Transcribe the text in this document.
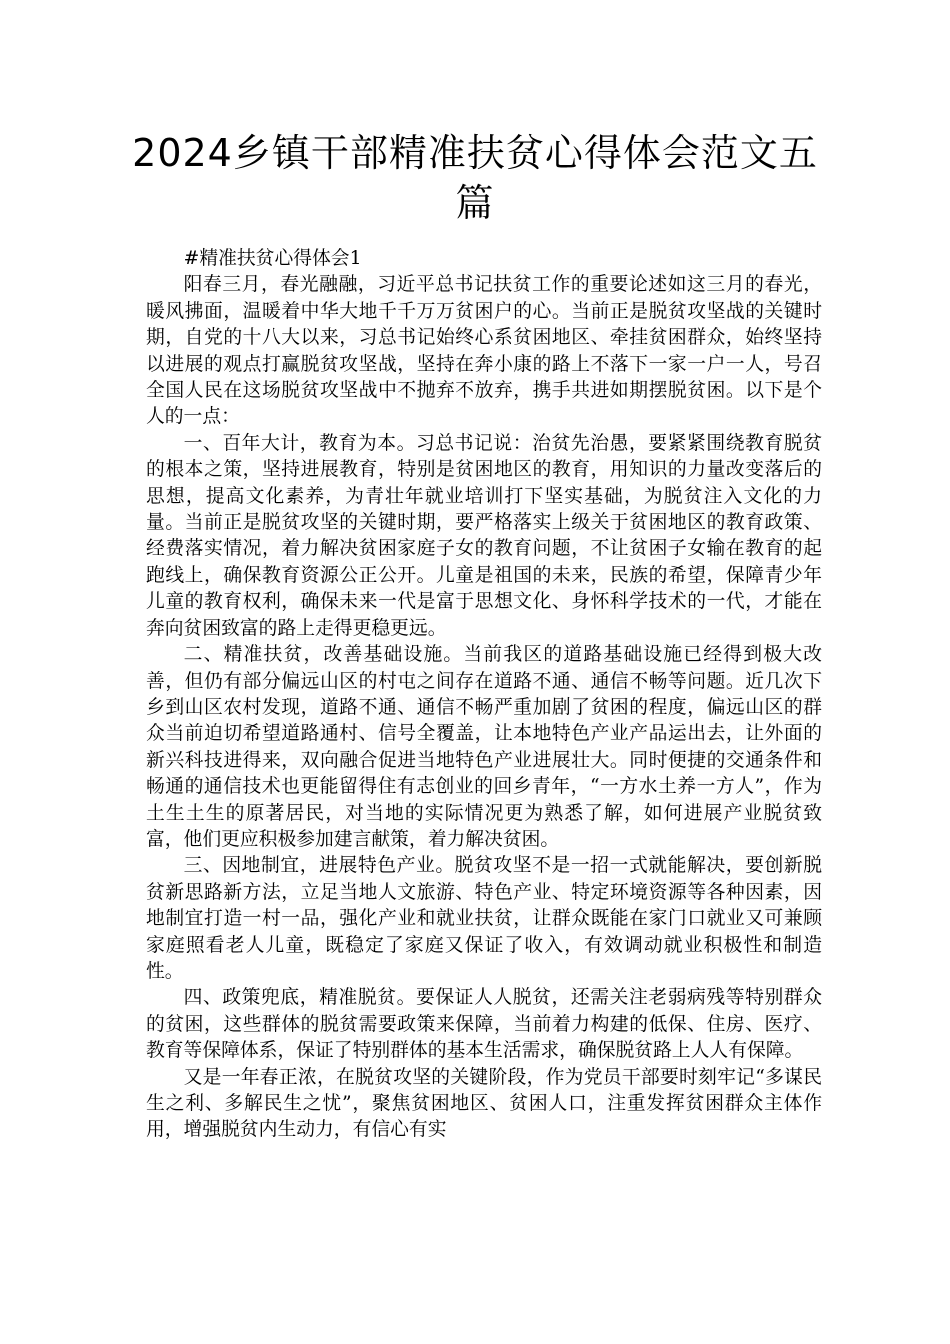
2024乡镇干部精准扶贫心得体会范文五篇

#精准扶贫心得体会1

阳春三月，春光融融，习近平总书记扶贫工作的重要论述如这三月的春光，暖风拂面，温暖着中华大地千千万万贫困户的心。当前正是脱贫攻坚战的关键时期，自党的十八大以来，习总书记始终心系贫困地区、牵挂贫困群众，始终坚持以进展的观点打赢脱贫攻坚战，坚持在奔小康的路上不落下一家一户一人，号召全国人民在这场脱贫攻坚战中不抛弃不放弃，携手共进如期摆脱贫困。以下是个人的一点：

一、百年大计，教育为本。习总书记说：治贫先治愚，要紧紧围绕教育脱贫的根本之策，坚持进展教育，特别是贫困地区的教育，用知识的力量改变落后的思想，提高文化素养，为青壮年就业培训打下坚实基础，为脱贫注入文化的力量。当前正是脱贫攻坚的关键时期，要严格落实上级关于贫困地区的教育政策、经费落实情况，着力解决贫困家庭子女的教育问题，不让贫困子女输在教育的起跑线上，确保教育资源公正公开。儿童是祖国的未来，民族的希望，保障青少年儿童的教育权利，确保未来一代是富于思想文化、身怀科学技术的一代，才能在奔向贫困致富的路上走得更稳更远。

二、精准扶贫，改善基础设施。当前我区的道路基础设施已经得到极大改善，但仍有部分偏远山区的村屯之间存在道路不通、通信不畅等问题。近几次下乡到山区农村发现，道路不通、通信不畅严重加剧了贫困的程度，偏远山区的群众当前迫切希望道路通村、信号全覆盖，让本地特色产业产品运出去，让外面的新兴科技进得来，双向融合促进当地特色产业进展壮大。同时便捷的交通条件和畅通的通信技术也更能留得住有志创业的回乡青年，“一方水土养一方人”，作为土生土生的原著居民，对当地的实际情况更为熟悉了解，如何进展产业脱贫致富，他们更应积极参加建言献策，着力解决贫困。

三、因地制宜，进展特色产业。脱贫攻坚不是一招一式就能解决，要创新脱贫新思路新方法，立足当地人文旅游、特色产业、特定环境资源等各种因素，因地制宜打造一村一品，强化产业和就业扶贫，让群众既能在家门口就业又可兼顾家庭照看老人儿童，既稳定了家庭又保证了收入，有效调动就业积极性和制造性。

四、政策兜底，精准脱贫。要保证人人脱贫，还需关注老弱病残等特别群众的贫困，这些群体的脱贫需要政策来保障，当前着力构建的低保、住房、医疗、教育等保障体系，保证了特别群体的基本生活需求，确保脱贫路上人人有保障。

又是一年春正浓，在脱贫攻坚的关键阶段，作为党员干部要时刻牢记“多谋民生之利、多解民生之忧”，聚焦贫困地区、贫困人口，注重发挥贫困群众主体作用，增强脱贫内生动力，有信心有实
